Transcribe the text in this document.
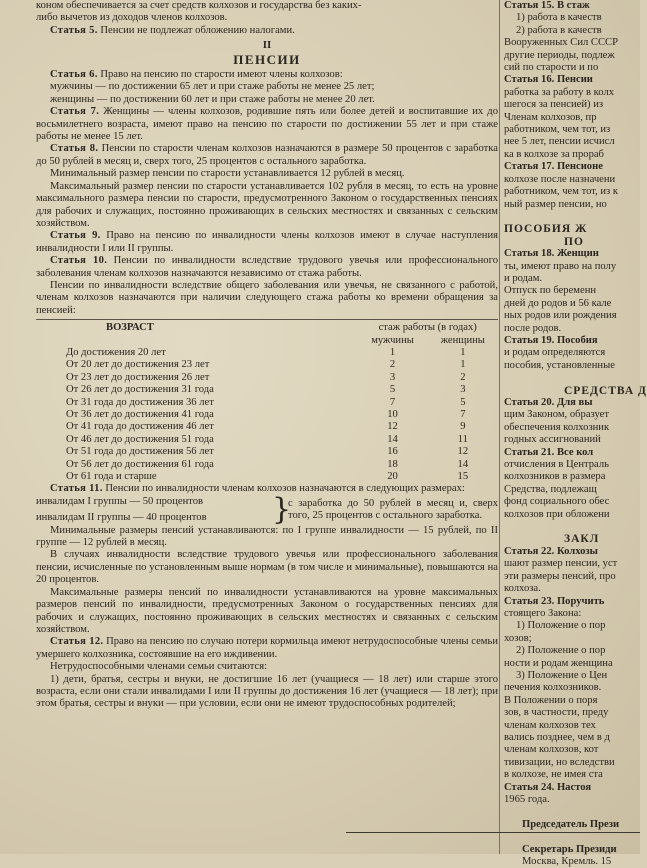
коном обеспечивается за счет средств колхозов и государства без каких-

либо вычетов из доходов членов колхозов.

Статья 5. Пенсии не подлежат обложению налогами.

II

ПЕНСИИ

Статья 6. Право на пенсию по старости имеют члены колхозов:

мужчины — по достижении 65 лет и при стаже работы не менее 25 лет;

женщины — по достижении 60 лет и при стаже работы не менее 20 лет.

Статья 7. Женщины — члены колхозов, родившие пять или более детей и воспитавшие их до восьмилетнего возраста, имеют право на пенсию по старости по достижении 55 лет и при стаже работы не менее 15 лет.

Статья 8. Пенсии по старости членам колхозов назначаются в размере 50 процентов с заработка до 50 рублей в месяц и, сверх того, 25 процентов с остального заработка.

Минимальный размер пенсии по старости устанавливается 12 рублей в месяц.

Максимальный размер пенсии по старости устанавливается 102 рубля в месяц, то есть на уровне максимального размера пенсии по старости, предусмотренного Законом о государственных пенсиях для рабочих и служащих, постоянно проживающих в сельских местностях и связанных с сельским хозяйством.

Статья 9. Право на пенсию по инвалидности члены колхозов имеют в случае наступления инвалидности I или II группы.

Статья 10. Пенсии по инвалидности вследствие трудового увечья или профессионального заболевания членам колхозов назначаются независимо от стажа работы.

Пенсии по инвалидности вследствие общего заболевания или увечья, не связанного с работой, членам колхозов назначаются при наличии следующего стажа работы ко времени обращения за пенсией:

ВОЗРАСТ	стаж работы (в годах)	
	мужчины	женщины
До достижения 20 лет	1	1
От 20 лет до достижения 23 лет	2	1
От 23 лет до достижения 26 лет	3	2
От 26 лет до достижения 31 года	5	3
От 31 года до достижения 36 лет	7	5
От 36 лет до достижения 41 года	10	7
От 41 года до достижения 46 лет	12	9
От 46 лет до достижения 51 года	14	11
От 51 года до достижения 56 лет	16	12
От 56 лет до достижения 61 года	18	14
От 61 года и старше	20	15

Статья 11. Пенсии по инвалидности членам колхозов назначаются в следующих размерах:

инвалидам I группы — 50 процентов
инвалидам II группы — 40 процентов	}
с заработка до 50 рублей в месяц и, сверх того, 25 процентов с остального заработка.

Минимальные размеры пенсий устанавливаются: по I группе инвалидности — 15 рублей, по II группе — 12 рублей в месяц.

В случаях инвалидности вследствие трудового увечья или профессионального заболевания пенсии, исчисленные по установленным выше нормам (в том числе и минимальные), повышаются на 20 процентов.

Максимальные размеры пенсий по инвалидности устанавливаются на уровне максимальных размеров пенсий по инвалидности, предусмотренных Законом о государственных пенсиях для рабочих и служащих, постоянно проживающих в сельских местностях и связанных с сельским хозяйством.

Статья 12. Право на пенсию по случаю потери кормильца имеют нетрудоспособные члены семьи умершего колхозника, состоявшие на его иждивении.

Нетрудоспособными членами семьи считаются:

1) дети, братья, сестры и внуки, не достигшие 16 лет (учащиеся — 18 лет) или старше этого возраста, если они стали инвалидами I или II группы до достижения 16 лет (учащиеся — 18 лет); при этом братья, сестры и внуки — при условии, если они не имеют трудоспособных родителей;

Статья 15. В стаж
1) работа в качеств
2) работа в качеств
Вооруженных Сил СССР
другие периоды, подлеж
сий по старости и по
Статья 16. Пенсии
работка за работу в колх
шегося за пенсией) из
Членам колхозов, пр
работником, чем тот, из
нее 5 лет, пенсии исчисл
ка в колхозе за прораб
Статья 17. Пенсионе
колхозе после назначени
работником, чем тот, из к
ный размер пенсии, но

ПОСОБИЯ Ж
ПО
Статья 18. Женщин
ты, имеют право на полу
и родам.
Отпуск по беременн
дней до родов и 56 кале
ных родов или рождения
после родов.
Статья 19. Пособия
и родам определяются
пособия, установленные

СРЕДСТВА Д
Статья 20. Для вы
щим Законом, образует
обеспечения колхозник
годных ассигнований
Статья 21. Все кол
отчисления в Централь
колхозников в размера
Средства, подлежащ
фонд социального обес
колхозов при обложени

ЗАКЛ
Статья 22. Колхозы
шают размер пенсии, уст
эти размеры пенсий, про
колхоза.
Статья 23. Поручить
стоящего Закона:
1) Положение о пор
хозов;
2) Положение о пор
ности и родам женщина
3) Положение о Цен
печения колхозников.
В Положении о поря
зов, в частности, преду
членам колхозов тех
вались позднее, чем в д
членам колхозов, кот
тивизации, но вследстви
в колхозе, не имея ста
Статья 24. Настоя
1965 года.

Председатель Прези

Секретарь Президи
Москва, Кремль. 15
